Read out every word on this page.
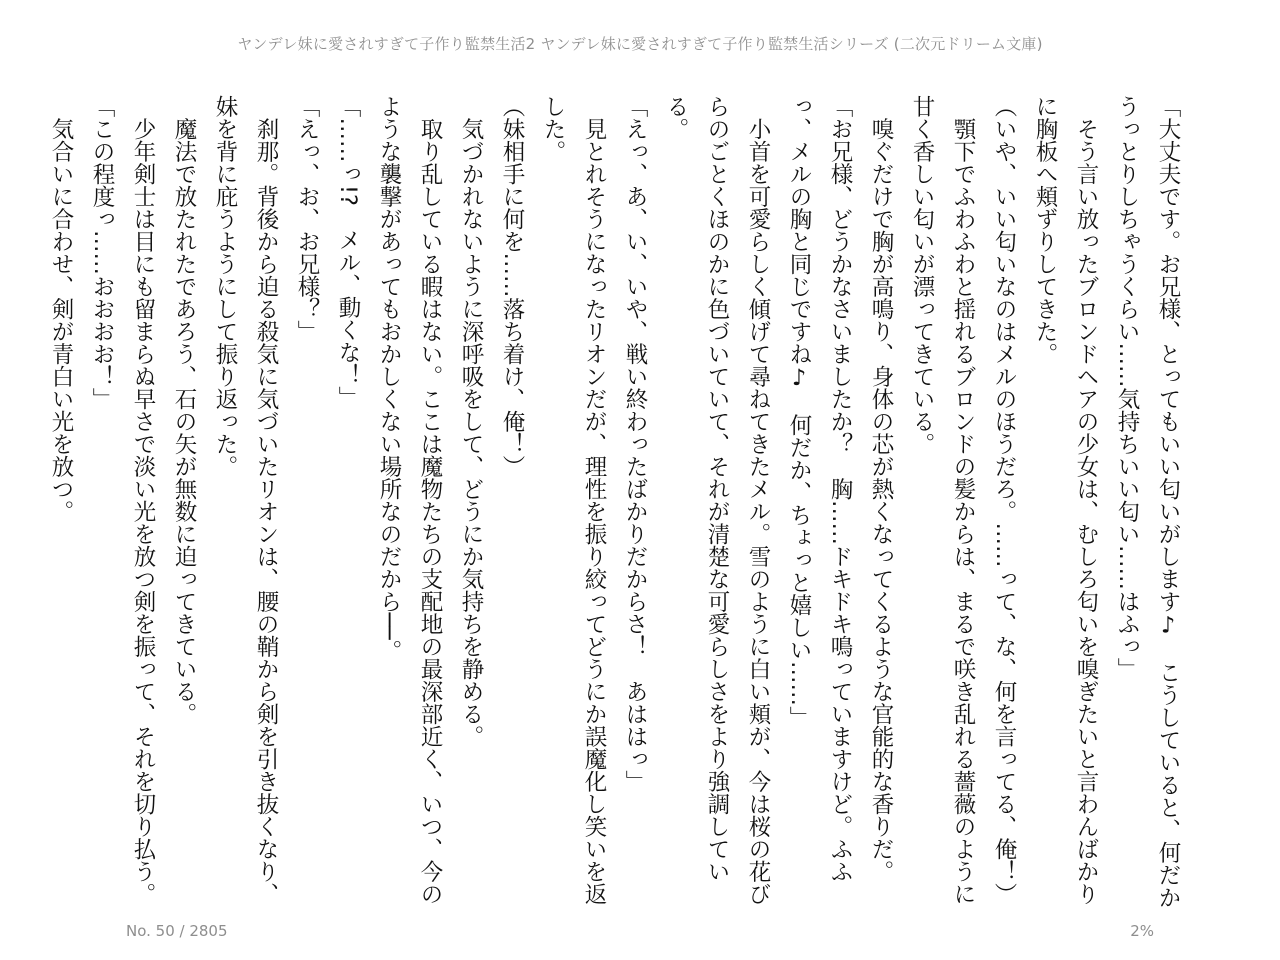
ヤンデレ妹に愛されすぎて子作り監禁生活2 ヤンデレ妹に愛されすぎて子作り監禁生活シリーズ (二次元ドリーム文庫)
「大丈夫です。お兄様、とってもいい匂いがします♪　こうしていると、何だか
うっとりしちゃうくらい……気持ちいい匂い……はふっ」
　そう言い放ったブロンドヘアの少女は、むしろ匂いを嗅ぎたいと言わんばかり
に胸板へ頬ずりしてきた。
（いや、いい匂いなのはメルのほうだろ。……って、な、何を言ってる、俺！）
　顎下でふわふわと揺れるブロンドの髪からは、まるで咲き乱れる薔薇のように
甘く香しい匂いが漂ってきている。
　嗅ぐだけで胸が高鳴り、身体の芯が熱くなってくるような官能的な香りだ。
「お兄様、どうかなさいましたか？　胸……ドキドキ鳴っていますけど。ふふ
っ、メルの胸と同じですね♪　何だか、ちょっと嬉しい……」
　小首を可愛らしく傾げて尋ねてきたメル。雪のように白い頬が、今は桜の花び
らのごとくほのかに色づいていて、それが清楚な可愛らしさをより強調してい
る。
「えっ、あ、い、いや、戦い終わったばかりだからさ！　あははっ」
　見とれそうになったリオンだが、理性を振り絞ってどうにか誤魔化し笑いを返
した。
（妹相手に何を……落ち着け、俺！）
　気づかれないように深呼吸をして、どうにか気持ちを静める。
　取り乱している暇はない。ここは魔物たちの支配地の最深部近く、いつ、今の
ような襲撃があってもおかしくない場所なのだから──。
「……っ!?　メル、動くな！」
「えっ、お、お兄様？」
　刹那。背後から迫る殺気に気づいたリオンは、腰の鞘から剣を引き抜くなり、
妹を背に庇うようにして振り返った。
　魔法で放たれたであろう、石の矢が無数に迫ってきている。
　少年剣士は目にも留まらぬ早さで淡い光を放つ剣を振って、それを切り払う。
「この程度っ……おおおお！」
　気合いに合わせ、剣が青白い光を放つ。
No. 50 / 2805	2%
